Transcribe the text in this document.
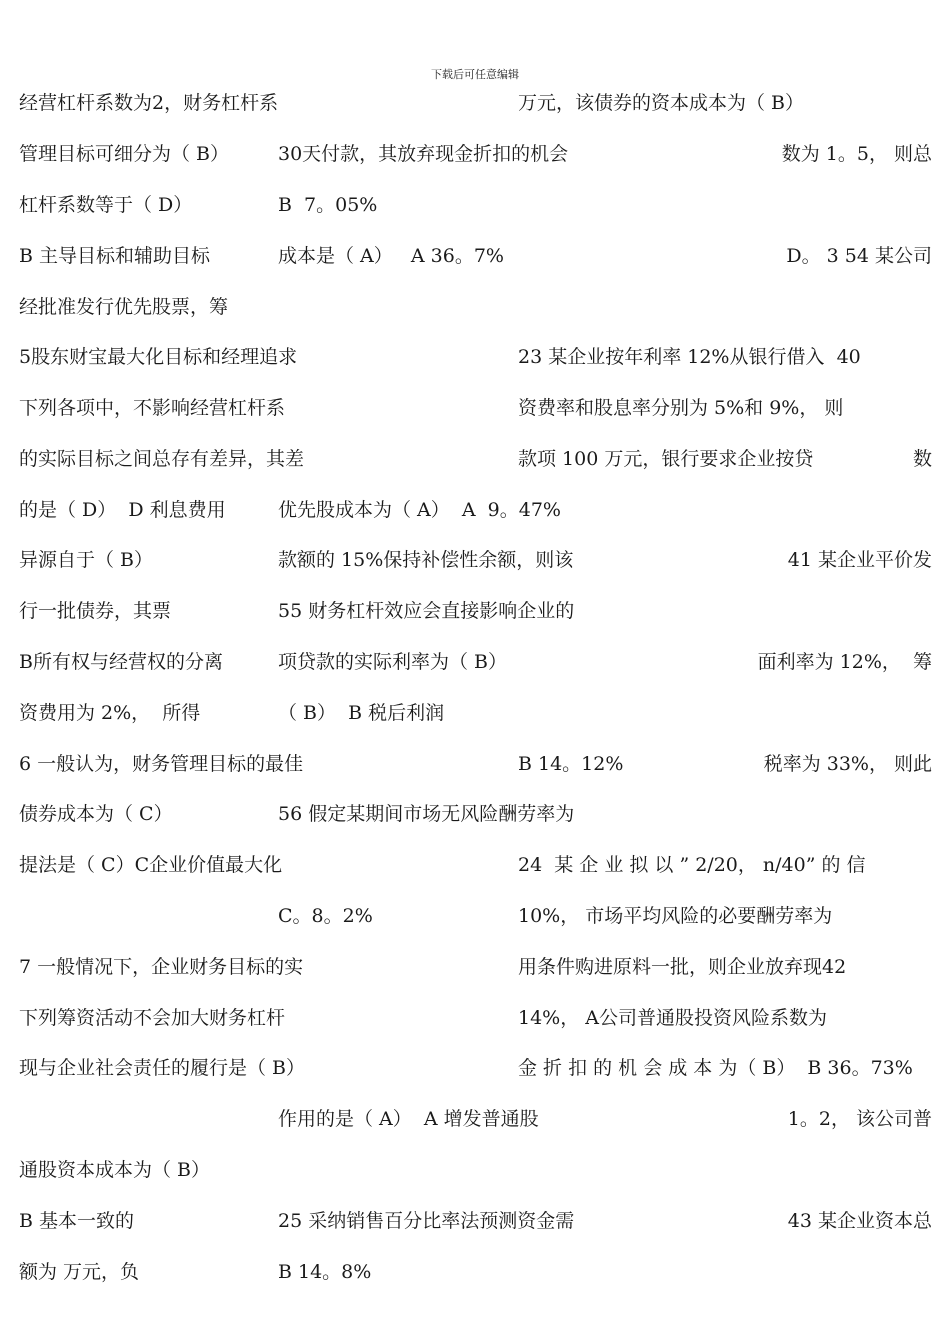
下载后可任意编辑
经营杠杆系数为2，财务杠杆系	万元，该债券的资本成本为（ B）
管理目标可细分为（ B）	30天付款，其放弃现金折扣的机会	数为 1。5， 则总
杠杆系数等于（ D）	B  7。05%
B 主导目标和辅助目标	成本是（ A）   A 36。7%	D。 3 54 某公司
经批准发行优先股票，筹
5股东财宝最大化目标和经理追求	23 某企业按年利率 12%从银行借入  40
下列各项中，不影响经营杠杆系	资费率和股息率分别为 5%和 9%， 则
的实际目标之间总存有差异，其差	款项 100 万元，银行要求企业按贷	数
的是（ D）  D 利息费用	优先股成本为（ A）  A  9。47%
异源自于（ B）	款额的 15%保持补偿性余额，则该	41 某企业平价发
行一批债券，其票	55 财务杠杆效应会直接影响企业的
B所有权与经营权的分离	项贷款的实际利率为（ B）	面利率为 12%，  筹
资费用为 2%，  所得	（ B）  B 税后利润
6 一般认为，财务管理目标的最佳	B 14。12%	税率为 33%， 则此
债券成本为（ C）	56 假定某期间市场无风险酬劳率为
提法是（ C）C企业价值最大化	24  某 企 业 拟 以 ” 2/20， n/40” 的 信
C。8。2%	10%， 市场平均风险的必要酬劳率为
7 一般情况下，企业财务目标的实	用条件购进原料一批，则企业放弃现42
下列筹资活动不会加大财务杠杆	14%， A公司普通股投资风险系数为
现与企业社会责任的履行是（ B）	金 折 扣 的 机 会 成 本 为（ B）  B 36。73%
作用的是（ A）  A 增发普通股	1。2， 该公司普
通股资本成本为（ B）
B 基本一致的	25 采纳销售百分比率法预测资金需	43 某企业资本总
额为 万元，负	B 14。8%
